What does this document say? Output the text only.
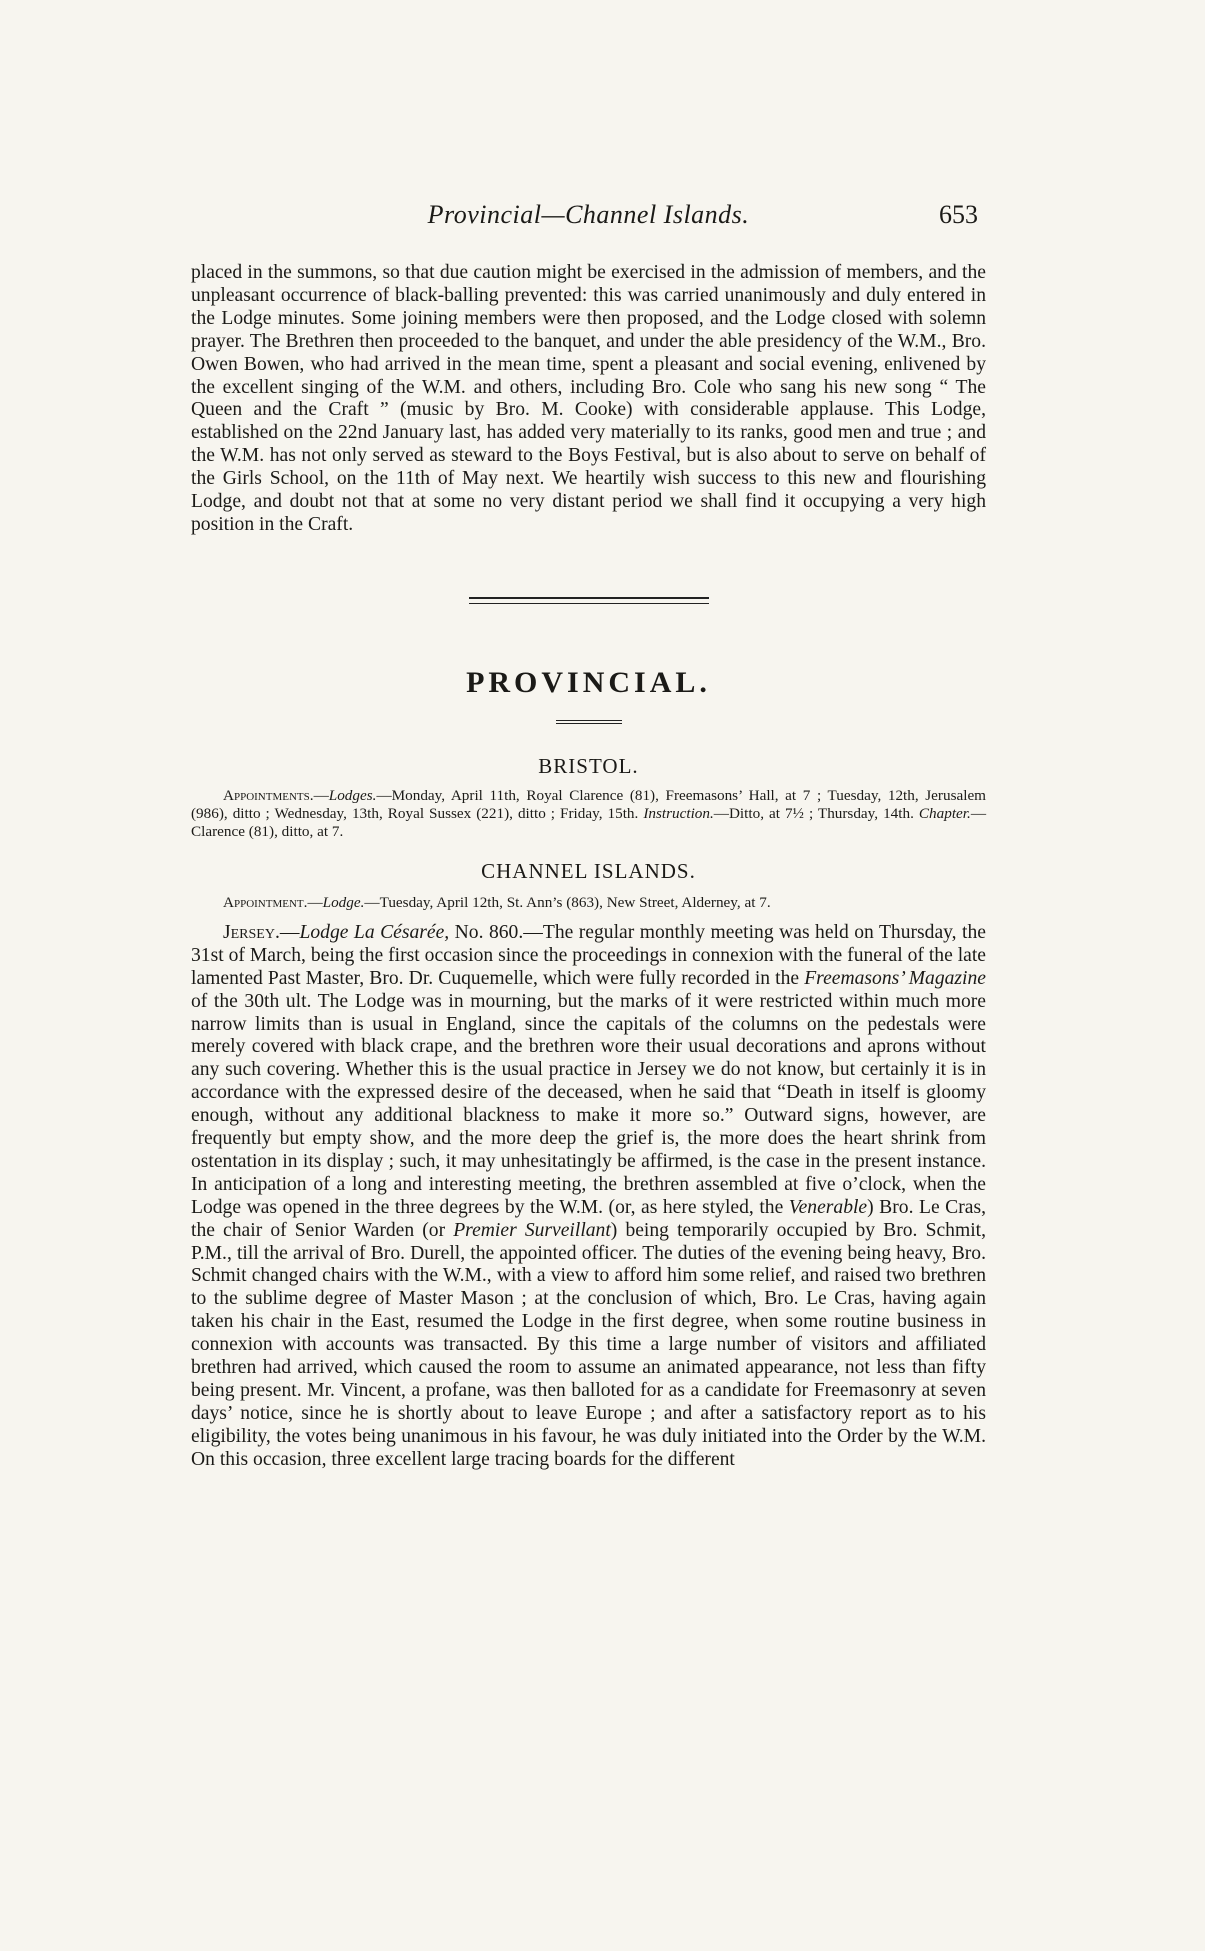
Provincial—Channel Islands.	653

placed in the summons, so that due caution might be exercised in the admission of members, and the unpleasant occurrence of black-balling prevented: this was carried unanimously and duly entered in the Lodge minutes. Some joining members were then proposed, and the Lodge closed with solemn prayer. The Brethren then proceeded to the banquet, and under the able presidency of the W.M., Bro. Owen Bowen, who had arrived in the mean time, spent a pleasant and social evening, enlivened by the excellent singing of the W.M. and others, including Bro. Cole who sang his new song “ The Queen and the Craft ” (music by Bro. M. Cooke) with considerable applause. This Lodge, established on the 22nd January last, has added very materially to its ranks, good men and true ; and the W.M. has not only served as steward to the Boys Festival, but is also about to serve on behalf of the Girls School, on the 11th of May next. We heartily wish success to this new and flourishing Lodge, and doubt not that at some no very distant period we shall find it occupying a very high position in the Craft.

PROVINCIAL.
BRISTOL.

Appointments.—Lodges.—Monday, April 11th, Royal Clarence (81), Freemasons’ Hall, at 7 ; Tuesday, 12th, Jerusalem (986), ditto ; Wednesday, 13th, Royal Sussex (221), ditto ; Friday, 15th. Instruction.—Ditto, at 7½ ; Thursday, 14th. Chapter.—Clarence (81), ditto, at 7.

CHANNEL ISLANDS.

Appointment.—Lodge.—Tuesday, April 12th, St. Ann’s (863), New Street, Alderney, at 7.

Jersey.—Lodge La Césarée, No. 860.—The regular monthly meeting was held on Thursday, the 31st of March, being the first occasion since the proceedings in connexion with the funeral of the late lamented Past Master, Bro. Dr. Cuquemelle, which were fully recorded in the Freemasons’ Magazine of the 30th ult. The Lodge was in mourning, but the marks of it were restricted within much more narrow limits than is usual in England, since the capitals of the columns on the pedestals were merely covered with black crape, and the brethren wore their usual decorations and aprons without any such covering. Whether this is the usual practice in Jersey we do not know, but certainly it is in accordance with the expressed desire of the deceased, when he said that “Death in itself is gloomy enough, without any additional blackness to make it more so.” Outward signs, however, are frequently but empty show, and the more deep the grief is, the more does the heart shrink from ostentation in its display ; such, it may unhesitatingly be affirmed, is the case in the present instance. In anticipation of a long and interesting meeting, the brethren assembled at five o’clock, when the Lodge was opened in the three degrees by the W.M. (or, as here styled, the Venerable) Bro. Le Cras, the chair of Senior Warden (or Premier Surveillant) being temporarily occupied by Bro. Schmit, P.M., till the arrival of Bro. Durell, the appointed officer. The duties of the evening being heavy, Bro. Schmit changed chairs with the W.M., with a view to afford him some relief, and raised two brethren to the sublime degree of Master Mason ; at the conclusion of which, Bro. Le Cras, having again taken his chair in the East, resumed the Lodge in the first degree, when some routine business in connexion with accounts was transacted. By this time a large number of visitors and affiliated brethren had arrived, which caused the room to assume an animated appearance, not less than fifty being present. Mr. Vincent, a profane, was then balloted for as a candidate for Freemasonry at seven days’ notice, since he is shortly about to leave Europe ; and after a satisfactory report as to his eligibility, the votes being unanimous in his favour, he was duly initiated into the Order by the W.M. On this occasion, three excellent large tracing boards for the different
